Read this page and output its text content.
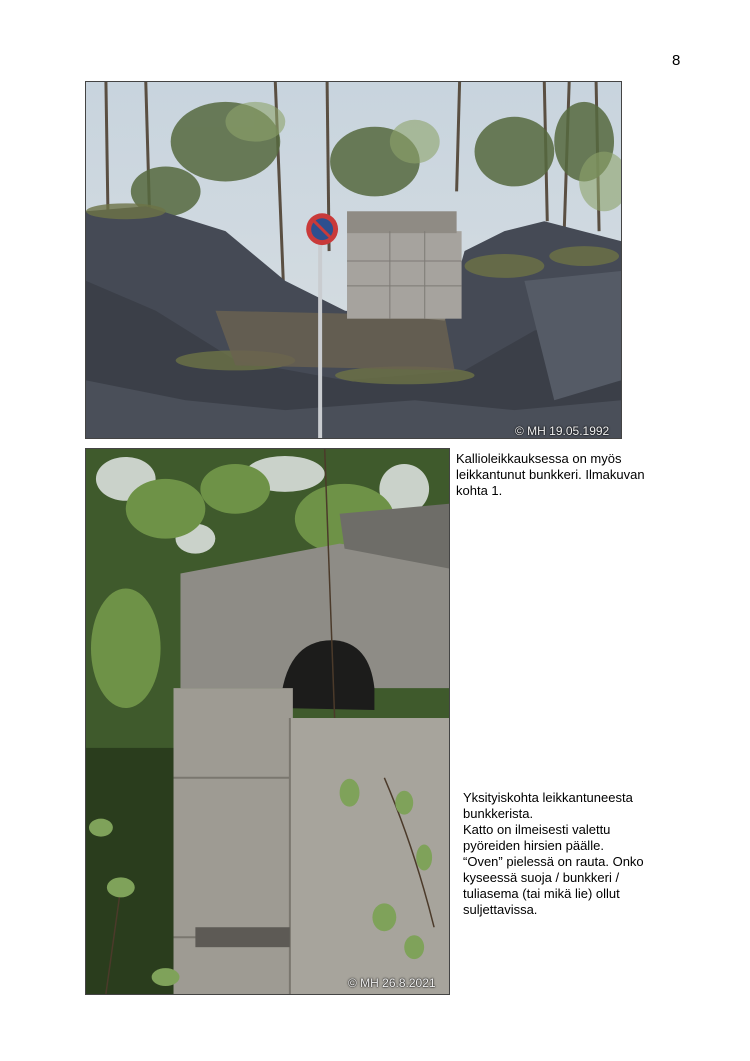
8
© MH 19.05.1992
© MH 26.8.2021
Kallioleikkauksessa on myös
leikkantunut bunkkeri. Ilmakuvan
kohta 1.
Yksityiskohta leikkantuneesta
bunkkerista.
Katto on ilmeisesti valettu
pyöreiden hirsien päälle.
“Oven” pielessä on rauta. Onko
kyseessä suoja / bunkkeri /
tuliasema (tai mikä lie) ollut
suljettavissa.
